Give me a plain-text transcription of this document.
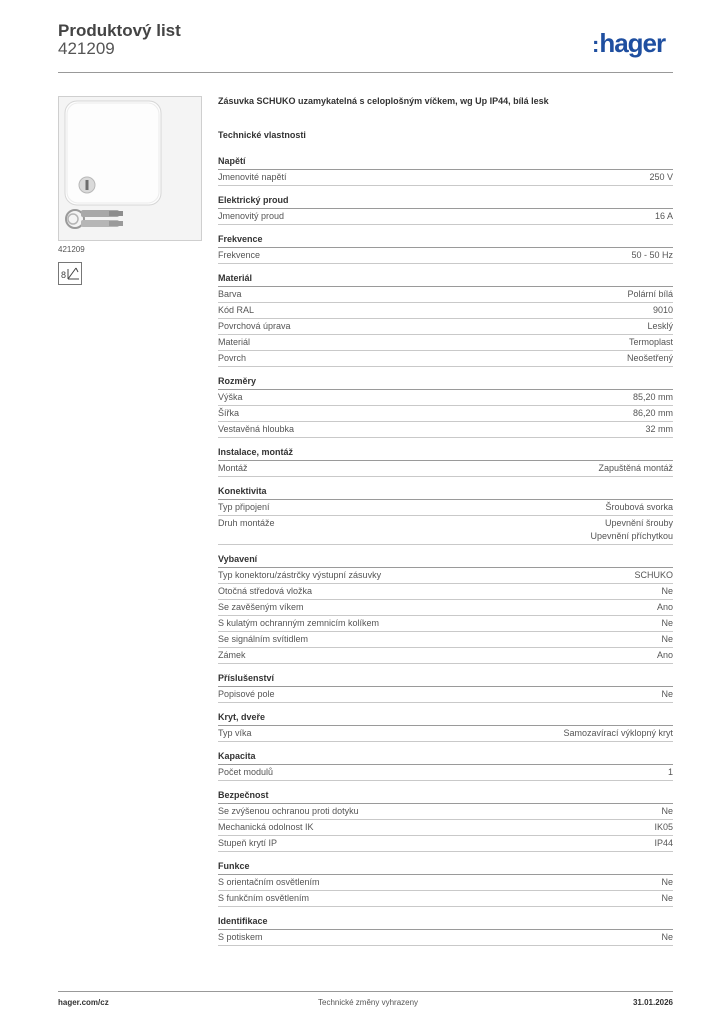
Produktový list
421209	:hager
421209
8
Zásuvka SCHUKO uzamykatelná s celoplošným víčkem, wg Up IP44, bílá lesk
Technické vlastnosti
Napětí
Jmenovité napětí	250 V
Elektrický proud
Jmenovitý proud	16 A
Frekvence
Frekvence	50 - 50 Hz
Materiál
Barva	Polární bílá
Kód RAL	9010
Povrchová úprava	Lesklý
Materiál	Termoplast
Povrch	Neošetřený
Rozměry
Výška	85,20 mm
Šířka	86,20 mm
Vestavěná hloubka	32 mm
Instalace, montáž
Montáž	Zapuštěná montáž
Konektivita
Typ připojení	Šroubová svorka
Druh montáže	Upevnění šrouby
Upevnění příchytkou
Vybavení
Typ konektoru/zástrčky výstupní zásuvky	SCHUKO
Otočná středová vložka	Ne
Se zavěšeným víkem	Ano
S kulatým ochranným zemnicím kolíkem	Ne
Se signálním svítidlem	Ne
Zámek	Ano
Příslušenství
Popisové pole	Ne
Kryt, dveře
Typ víka	Samozavírací výklopný kryt
Kapacita
Počet modulů	1
Bezpečnost
Se zvýšenou ochranou proti dotyku	Ne
Mechanická odolnost IK	IK05
Stupeň krytí IP	IP44
Funkce
S orientačním osvětlením	Ne
S funkčním osvětlením	Ne
Identifikace
S potiskem	Ne
hager.com/cz	Technické změny vyhrazeny	31.01.2026
